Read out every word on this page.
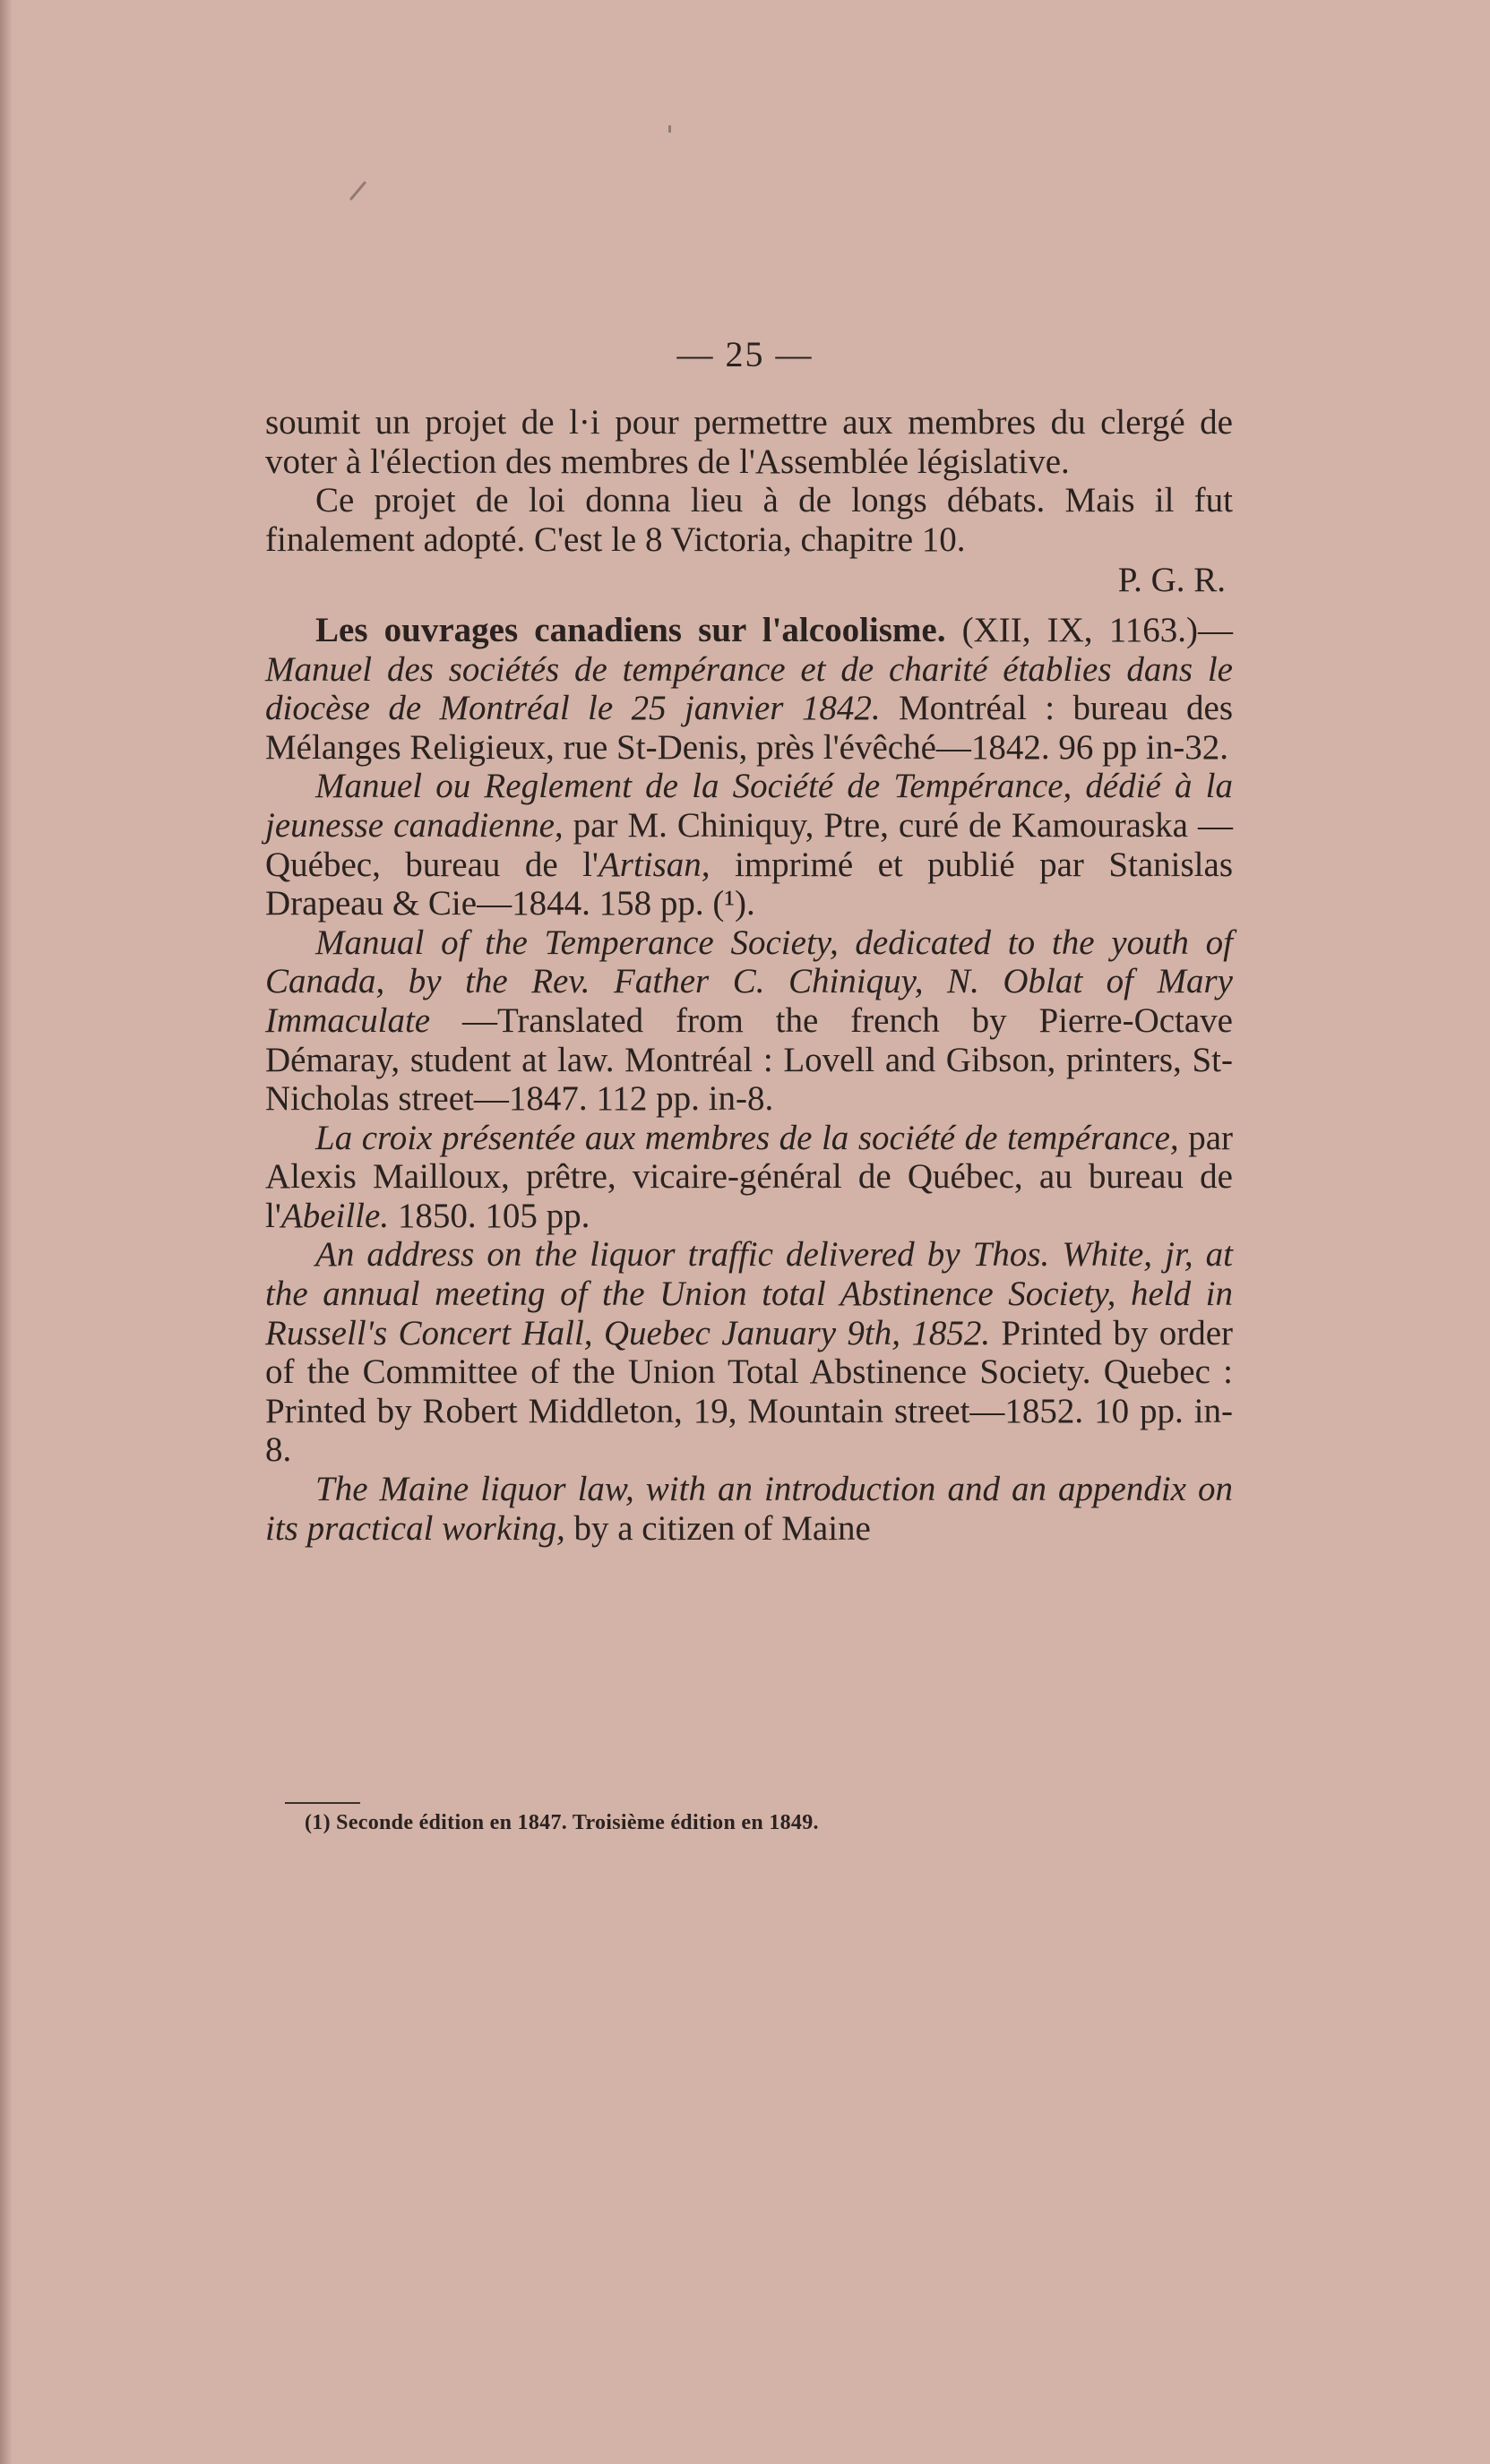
— 25 —

soumit un projet de l·i pour permettre aux membres du clergé de voter à l'élection des membres de l'Assemblée législative.

Ce projet de loi donna lieu à de longs débats. Mais il fut finalement adopté. C'est le 8 Victoria, chapitre 10.

P. G. R.

Les ouvrages canadiens sur l'alcoolisme. (XII, IX, 1163.)—Manuel des sociétés de tempérance et de charité établies dans le diocèse de Montréal le 25 janvier 1842. Montréal : bureau des Mélanges Religieux, rue St-Denis, près l'évêché—1842. 96 pp in-32.

Manuel ou Reglement de la Société de Tempérance, dédié à la jeunesse canadienne, par M. Chiniquy, Ptre, curé de Kamouraska —Québec, bureau de l'Artisan, imprimé et publié par Stanislas Drapeau & Cie—1844. 158 pp. (¹).

Manual of the Temperance Society, dedicated to the youth of Canada, by the Rev. Father C. Chiniquy, N. Oblat of Mary Immaculate —Translated from the french by Pierre-Octave Démaray, student at law. Montréal : Lovell and Gibson, printers, St-Nicholas street—1847. 112 pp. in-8.

La croix présentée aux membres de la société de tempérance, par Alexis Mailloux, prêtre, vicaire-général de Québec, au bureau de l'Abeille. 1850. 105 pp.

An address on the liquor traffic delivered by Thos. White, jr, at the annual meeting of the Union total Abstinence Society, held in Russell's Concert Hall, Quebec January 9th, 1852. Printed by order of the Committee of the Union Total Abstinence Society. Quebec : Printed by Robert Middleton, 19, Mountain street—1852. 10 pp. in-8.

The Maine liquor law, with an introduction and an appendix on its practical working, by a citizen of Maine

(1) Seconde édition en 1847. Troisième édition en 1849.
